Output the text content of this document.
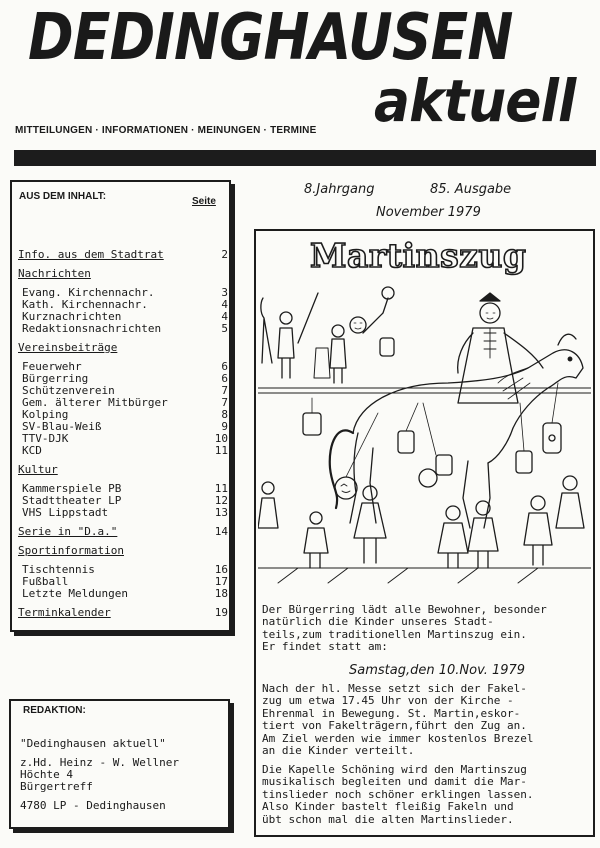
DEDINGHAUSEN
aktuell
MITTEILUNGEN · INFORMATIONEN · MEINUNGEN · TERMINE
AUS DEM INHALT:	Seite
Info. aus dem Stadtrat	2
Nachrichten
Evang. Kirchennachr.	3
Kath. Kirchennachr.	4
Kurznachrichten	4
Redaktionsnachrichten	5
Vereinsbeiträge
Feuerwehr	6
Bürgerring	6
Schützenverein	7
Gem. älterer Mitbürger	7
Kolping	8
SV-Blau-Weiß	9
TTV-DJK	10
KCD	11
Kultur
Kammerspiele PB	11
Stadttheater LP	12
VHS Lippstadt	13
Serie in "D.a."	14
Sportinformation
Tischtennis	16
Fußball	17
Letzte Meldungen	18
Terminkalender	19
REDAKTION:
"Dedinghausen aktuell"
z.Hd. Heinz - W. Wellner
Höchte 4
Bürgertreff
4780 LP - Dedinghausen
8.Jahrgang	85. Ausgabe
November 1979
Martinszug
Der Bürgerring lädt alle Bewohner, besonder
natürlich die Kinder unseres Stadt-
teils,zum traditionellen Martinszug ein.
Er findet statt am:
Nach der hl. Messe setzt sich der Fakel-
zug um etwa 17.45 Uhr von der Kirche -
Ehrenmal in Bewegung. St. Martin,eskor-
tiert von Fakelträgern,führt den Zug an.
Am Ziel werden wie immer kostenlos Brezel
an die Kinder verteilt.
Die Kapelle Schöning wird den Martinszug
musikalisch begleiten und damit die Mar-
tinslieder noch schöner erklingen lassen.
Also Kinder bastelt fleißig Fakeln und
übt schon mal die alten Martinslieder.
Samstag,den 10.Nov. 1979
